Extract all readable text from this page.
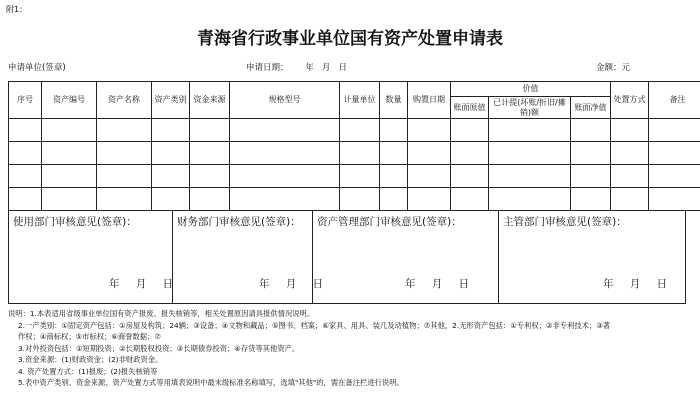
附1：
青海省行政事业单位国有资产处置申请表
申请单位(签章)	申请日期： 年   月   日	金额：元
序号	资产编号	资产名称	资产类别	资金来源	规格型号	计量单位	数量	购置日期	价值			处置方式	备注
									账面原值	已计提(坏账/折旧/摊销)额	账面净值		

使用部门审核意见(签章)：
年 月 日
财务部门审核意见(签章)：
年 月 日
资产管理部门审核意见(签章)：
年 月 日
主管部门审核意见(签章)：
年 月 日
说明：1.本表适用省级事业单位国有资产报废、报失核销等，相关处置原因请具报供情况说明。
2.一产类别：①固定资产包括：①房屋及构筑；24辆；③设备；④文物和藏品；⑤图书、档案；⑥家具、用具、装几及动植物；⑦其他，2.无形资产包括：①专利权；②非专利技术；③著
作权；④商标权；⑤市标权；⑥商誉数据；⑦
3.对外投资包括：①短期投资；②长期股权投资；③长期债券投资；④存货等其他资产。
3.资金来源：(1)财政资金；(2)非财政资金。
4. 资产处置方式：(1)报废；(2)报失核销等
5.表中资产类别、资金来源、资产处置方式等用填表说明中最末级标准名称填写，选填"其他"的，需在备注栏进行说明。
